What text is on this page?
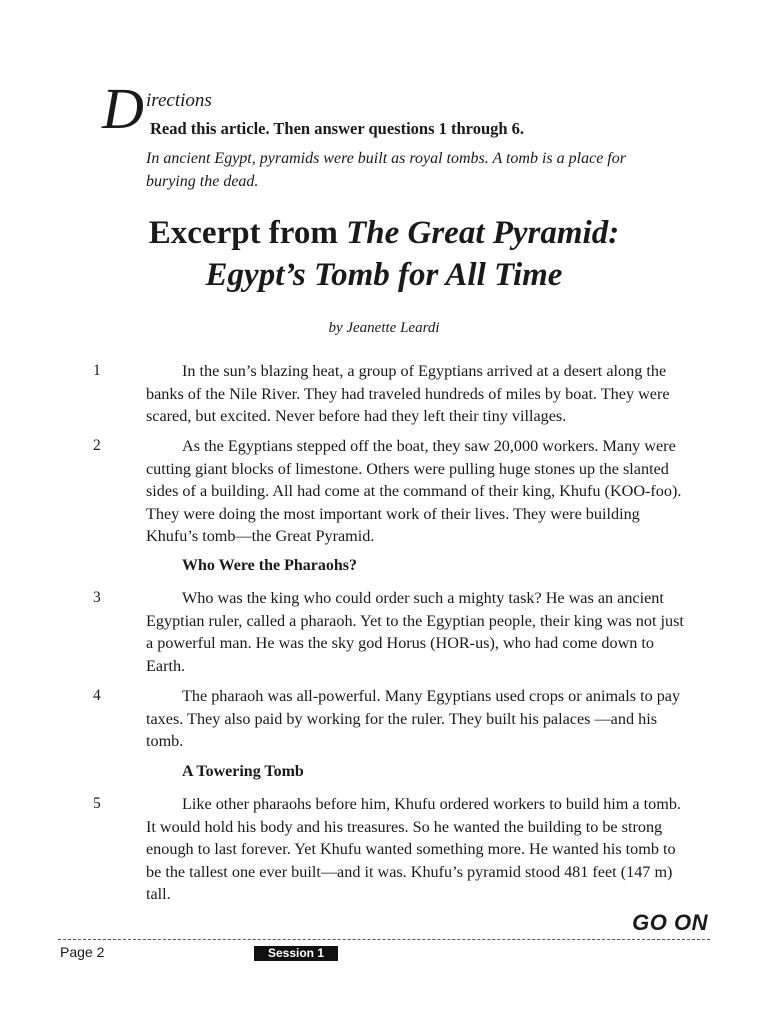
D irections
Read this article. Then answer questions 1 through 6.
In ancient Egypt, pyramids were built as royal tombs. A tomb is a place for burying the dead.
Excerpt from The Great Pyramid:
Egypt’s Tomb for All Time
by Jeanette Leardi
1	In the sun’s blazing heat, a group of Egyptians arrived at a desert along the banks of the Nile River. They had traveled hundreds of miles by boat. They were scared, but excited. Never before had they left their tiny villages.
2	As the Egyptians stepped off the boat, they saw 20,000 workers. Many were cutting giant blocks of limestone. Others were pulling huge stones up the slanted sides of a building. All had come at the command of their king, Khufu (KOO-foo). They were doing the most important work of their lives. They were building Khufu’s tomb—the Great Pyramid.
Who Were the Pharaohs?
3	Who was the king who could order such a mighty task? He was an ancient Egyptian ruler, called a pharaoh. Yet to the Egyptian people, their king was not just a powerful man. He was the sky god Horus (HOR-us), who had come down to Earth.
4	The pharaoh was all-powerful. Many Egyptians used crops or animals to pay taxes. They also paid by working for the ruler. They built his palaces —and his tomb.
A Towering Tomb
5	Like other pharaohs before him, Khufu ordered workers to build him a tomb. It would hold his body and his treasures. So he wanted the building to be strong enough to last forever. Yet Khufu wanted something more. He wanted his tomb to be the tallest one ever built—and it was. Khufu’s pyramid stood 481 feet (147 m) tall.
GO ON
Page 2	Session 1
